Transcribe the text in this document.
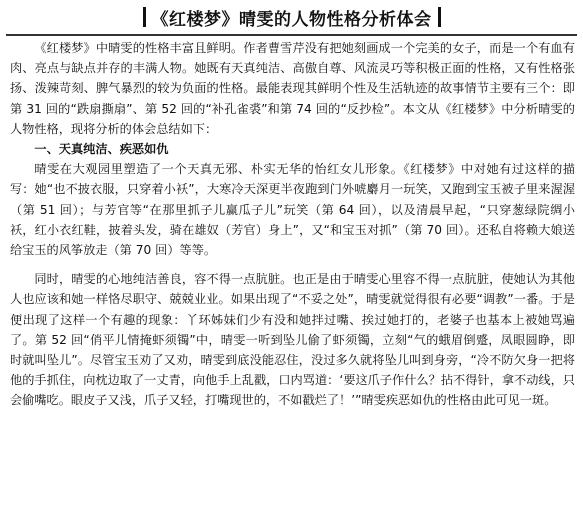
《红楼梦》晴雯的人物性格分析体会

《红楼梦》中晴雯的性格丰富且鲜明。作者曹雪芹没有把她刻画成一个完美的女子，而是一个有血有肉、亮点与缺点并存的丰满人物。她既有天真纯洁、高傲自尊、风流灵巧等积极正面的性格，又有性格张扬、泼辣苛刻、脾气暴烈的较为负面的性格。最能表现其鲜明个性及生活轨迹的故事情节主要有三个：即第 31 回的“跌扇撕扇”、第 52 回的“补孔雀裘”和第 74 回的“反抄检”。本文从《红楼梦》中分析晴雯的人物性格，现将分析的体会总结如下：

一、天真纯洁、疾恶如仇

晴雯在大观园里塑造了一个天真无邪、朴实无华的怡红女儿形象。《红楼梦》中对她有过这样的描写：她“也不披衣服，只穿着小袄”，大寒冷天深更半夜跑到门外唬麝月一玩笑，又跑到宝玉被子里来渥渥（第 51 回）；与芳官等“在那里抓子儿赢瓜子儿”玩笑（第 64 回），以及清晨早起，“只穿葱绿院绸小袄，红小衣红鞋，披着头发，骑在雄奴（芳官）身上”，又“和宝玉对抓”（第 70 回）。还私自将赖大娘送给宝玉的风筝放走（第 70 回）等等。

同时，晴雯的心地纯洁善良，容不得一点肮脏。也正是由于晴雯心里容不得一点肮脏，使她认为其他人也应该和她一样恪尽职守、兢兢业业。如果出现了“不妥之处”，晴雯就觉得很有必要“调教”一番。于是便出现了这样一个有趣的现象：丫环姊妹们少有没和她拌过嘴、挨过她打的，老婆子也基本上被她骂遍了。第 52 回“俏平儿情掩虾须镯”中，晴雯一听到坠儿偷了虾须镯，立刻“气的蛾眉倒蹙，凤眼圆睁，即时就叫坠儿”。尽管宝玉劝了又劝，晴雯到底没能忍住，没过多久就将坠儿叫到身旁，“冷不防欠身一把将他的手抓住，向枕边取了一丈青，向他手上乱戳，口内骂道：‘要这爪子作什么？拈不得针，拿不动线，只会偷嘴吃。眼皮子又浅，爪子又轻，打嘴现世的，不如戳烂了！’”晴雯疾恶如仇的性格由此可见一斑。
